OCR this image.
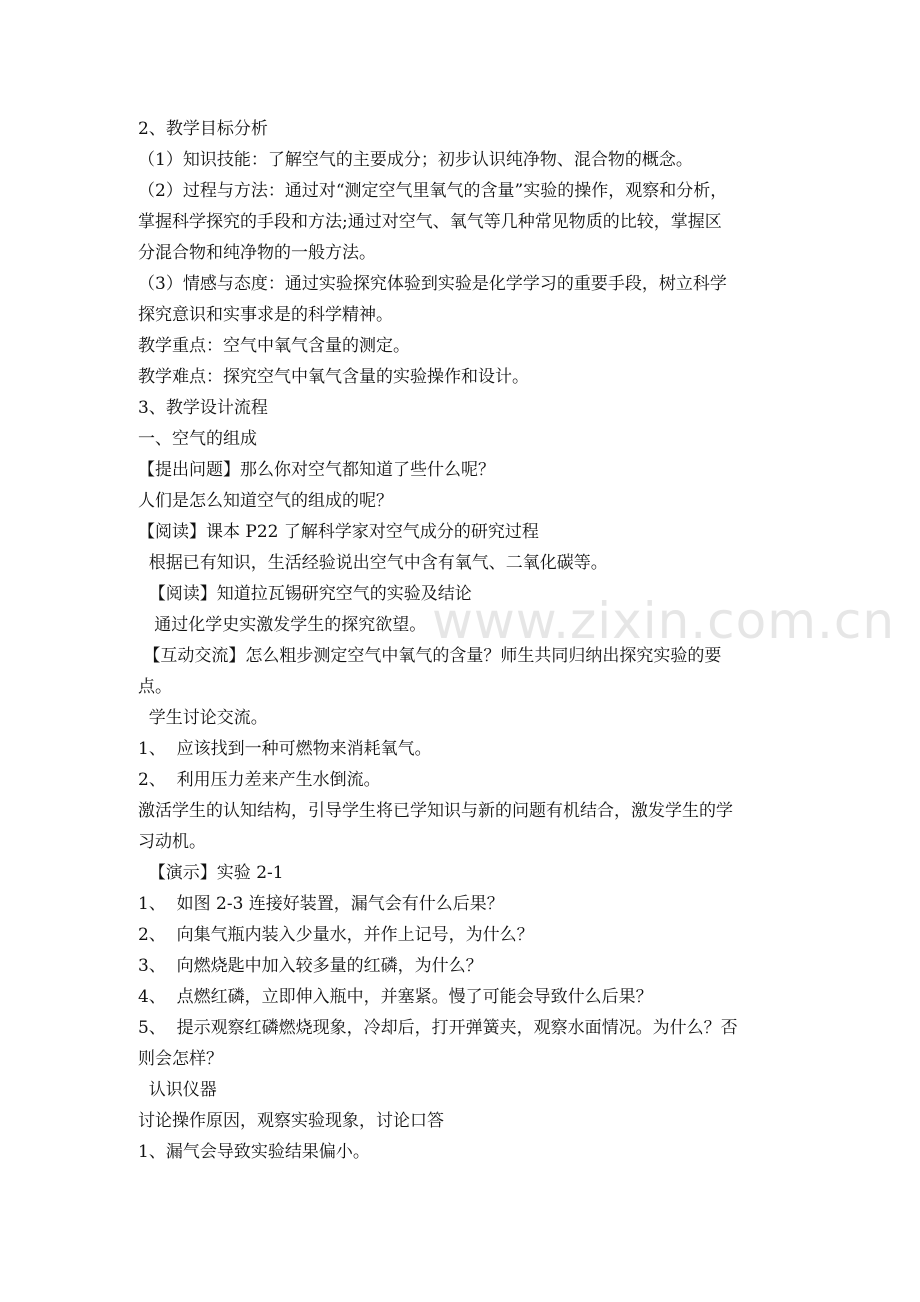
www.zixin.com.cn

2、教学目标分析

（1）知识技能：了解空气的主要成分；初步认识纯净物、混合物的概念。

（2）过程与方法：通过对“测定空气里氧气的含量”实验的操作，观察和分析，

掌握科学探究的手段和方法;通过对空气、氧气等几种常见物质的比较，掌握区

分混合物和纯净物的一般方法。

（3）情感与态度：通过实验探究体验到实验是化学学习的重要手段，树立科学

探究意识和实事求是的科学精神。

教学重点：空气中氧气含量的测定。

教学难点：探究空气中氧气含量的实验操作和设计。

3、教学设计流程

一、空气的组成

【提出问题】那么你对空气都知道了些什么呢？

人们是怎么知道空气的组成的呢？

【阅读】课本 P22 了解科学家对空气成分的研究过程

根据已有知识，生活经验说出空气中含有氧气、二氧化碳等。

【阅读】知道拉瓦锡研究空气的实验及结论

通过化学史实激发学生的探究欲望。

【互动交流】怎么粗步测定空气中氧气的含量？师生共同归纳出探究实验的要

点。

学生讨论交流。

1、  应该找到一种可燃物来消耗氧气。

2、  利用压力差来产生水倒流。

激活学生的认知结构，引导学生将已学知识与新的问题有机结合，激发学生的学

习动机。

【演示】实验 2-1

1、  如图 2-3 连接好装置，漏气会有什么后果？

2、  向集气瓶内装入少量水，并作上记号，为什么？

3、  向燃烧匙中加入较多量的红磷，为什么？

4、  点燃红磷，立即伸入瓶中，并塞紧。慢了可能会导致什么后果？

5、  提示观察红磷燃烧现象，冷却后，打开弹簧夹，观察水面情况。为什么？否

则会怎样？

认识仪器

讨论操作原因，观察实验现象，讨论口答

1、漏气会导致实验结果偏小。
